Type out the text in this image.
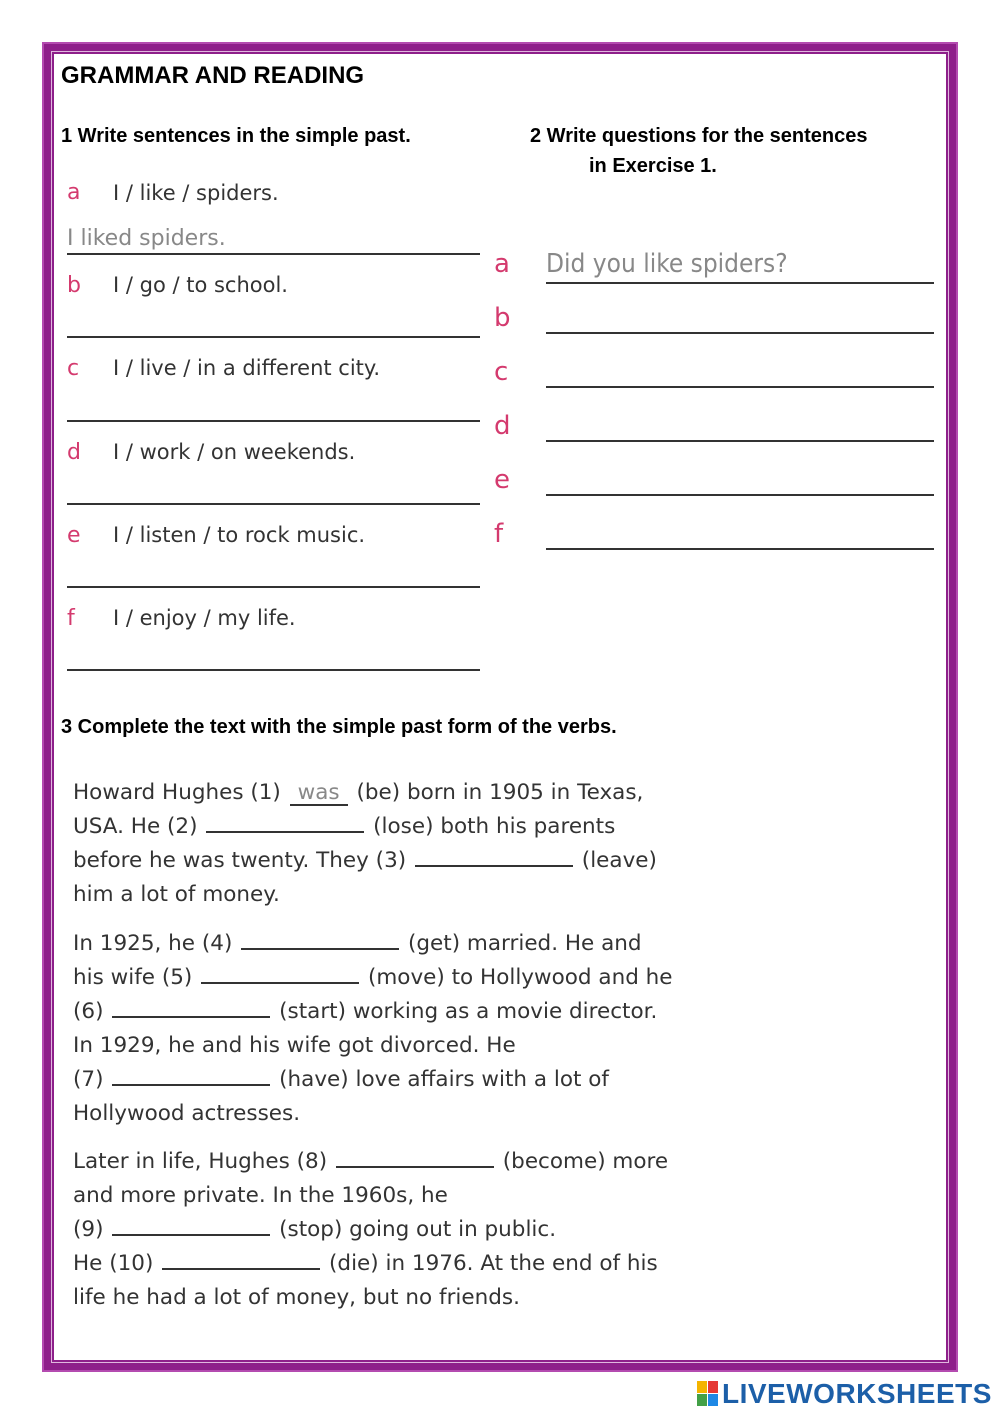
GRAMMAR AND READING
1 Write sentences in the simple past.
a I / like / spiders.
I liked spiders.
b I / go / to school.
c I / live / in a different city.
d I / work / on weekends.
e I / listen / to rock music.
f I / enjoy / my life.
2 Write questions for the sentences
in Exercise 1.
a Did you like spiders?
b
c
d
e
f
3 Complete the text with the simple past form of the verbs.
Howard Hughes (1) was (be) born in 1905 in Texas,
USA. He (2)	(lose) both his parents
before he was twenty. They (3)	(leave)
him a lot of money.
In 1925, he (4)	(get) married. He and
his wife (5)	(move) to Hollywood and he
(6)	(start) working as a movie director.
In 1929, he and his wife got divorced. He
(7)	(have) love affairs with a lot of
Hollywood actresses.
Later in life, Hughes (8)	(become) more
and more private. In the 1960s, he
(9)	(stop) going out in public.
He (10)	(die) in 1976. At the end of his
life he had a lot of money, but no friends.
LIVEWORKSHEETS
